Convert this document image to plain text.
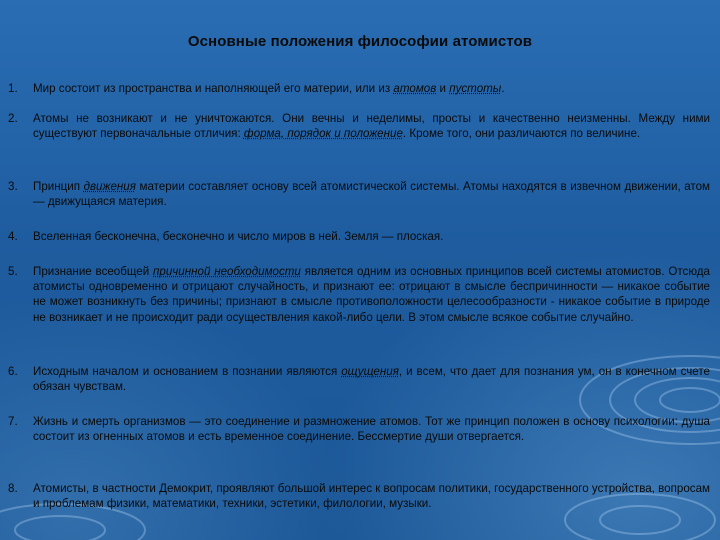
Основные положения философии атомистов
1.	Мир состоит из пространства и наполняющей его материи, или из атомов и пустоты.
2.	Атомы не возникают и не уничтожаются. Они вечны и неделимы, просты и качественно неизменны. Между ними существуют первоначальные отличия: форма, порядок и положение. Кроме того, они различаются по величине.
3.	Принцип движения материи составляет основу всей атомистической системы. Атомы находятся в извечном движении, атом — движущаяся материя.
4.	Вселенная бесконечна, бесконечно и число миров в ней. Земля — плоская.
5.	Признание всеобщей причинной необходимости является одним из основных принципов всей системы атомистов. Отсюда атомисты одновременно и отрицают случайность, и признают ее: отрицают в смысле беспричинности — никакое событие не может возникнуть без причины; признают в смысле противоположности целесообразности - никакое событие в природе не возникает и не происходит ради осуществления какой-либо цели. В этом смысле всякое событие случайно.
6.	Исходным началом и основанием в познании являются ощущения, и всем, что дает для познания ум, он в конечном счете обязан чувствам.
7.	Жизнь и смерть организмов — это соединение и размножение атомов. Тот же принцип положен в основу психологии: душа состоит из огненных атомов и есть временное соединение. Бессмертие души отвергается.
8.	Атомисты, в частности Демокрит, проявляют большой интерес к вопросам политики, государственного устройства, вопросам и проблемам физики, математики, техники, эстетики, филологии, музыки.
